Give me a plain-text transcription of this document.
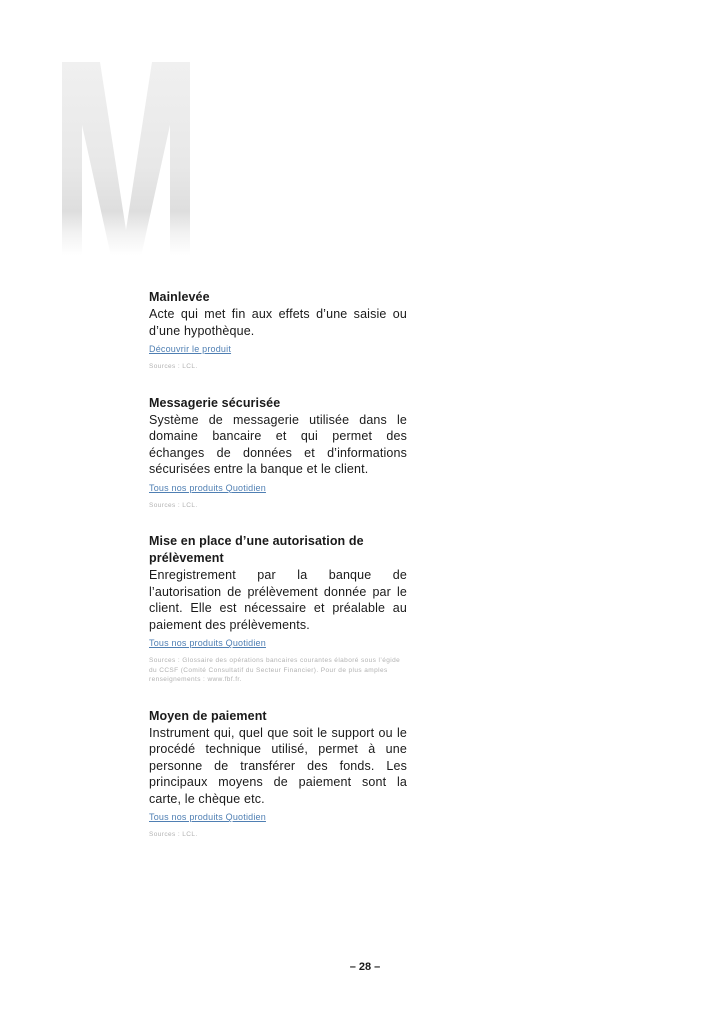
M
Mainlevée
Acte qui met fin aux effets d’une saisie ou d’une hypothèque.
Découvrir le produit
Sources : LCL.
Messagerie sécurisée
Système de messagerie utilisée dans le domaine bancaire et qui permet des échanges de données et d’informations sécurisées entre la banque et le client.
Tous nos produits Quotidien
Sources : LCL.
Mise en place d’une autorisation de prélèvement
Enregistrement par la banque de l’autorisation de prélèvement donnée par le client. Elle est nécessaire et préalable au paiement des prélèvements.
Tous nos produits Quotidien
Sources : Glossaire des opérations bancaires courantes élaboré sous l’égide du CCSF (Comité Consultatif du Secteur Financier). Pour de plus amples renseignements : www.fbf.fr.
Moyen de paiement
Instrument qui, quel que soit le support ou le procédé technique utilisé, permet à une personne de transférer des fonds. Les principaux moyens de paiement sont la carte, le chèque etc.
Tous nos produits Quotidien
Sources : LCL.
– 28 –
